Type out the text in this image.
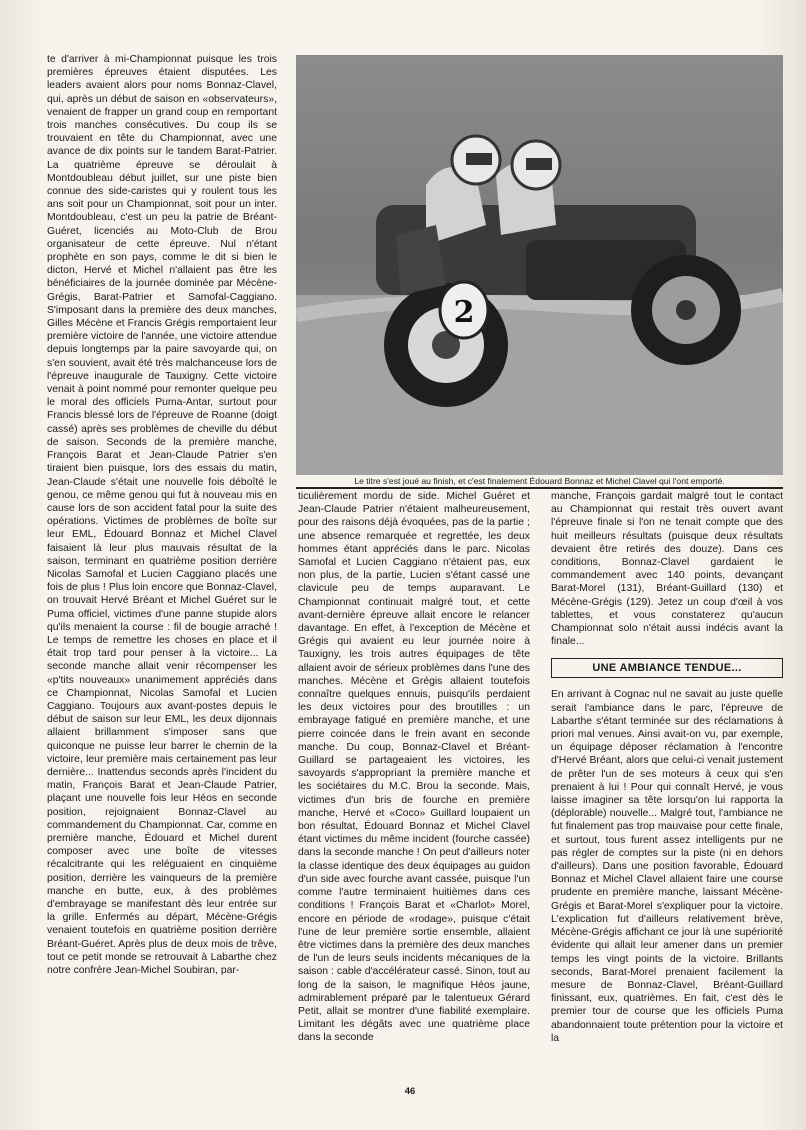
te d'arriver à mi-Championnat puisque les trois premières épreuves étaient disputées. Les leaders avaient alors pour noms Bonnaz-Clavel, qui, après un début de saison en «observateurs», venaient de frapper un grand coup en remportant trois manches consécutives. Du coup ils se trouvaient en tête du Championnat, avec une avance de dix points sur le tandem Barat-Patrier. La quatrième épreuve se déroulait à Montdoubleau début juillet, sur une piste bien connue des side-caristes qui y roulent tous les ans soit pour un Championnat, soit pour un inter. Montdoubleau, c'est un peu la patrie de Bréant-Guéret, licenciés au Moto-Club de Brou organisateur de cette épreuve. Nul n'étant prophète en son pays, comme le dit si bien le dicton, Hervé et Michel n'allaient pas être les bénéficiaires de la journée dominée par Mécène-Grégis, Barat-Patrier et Samofal-Caggiano. S'imposant dans la première des deux manches, Gilles Mécène et Francis Grégis remportaient leur première victoire de l'année, une victoire attendue depuis longtemps par la paire savoyarde qui, on s'en souvient, avait été très malchanceuse lors de l'épreuve inaugurale de Tauxigny. Cette victoire venait à point nommé pour remonter quelque peu le moral des officiels Puma-Antar, surtout pour Francis blessé lors de l'épreuve de Roanne (doigt cassé) après ses problèmes de cheville du début de saison. Seconds de la première manche, François Barat et Jean-Claude Patrier s'en tiraient bien puisque, lors des essais du matin, Jean-Claude s'était une nouvelle fois déboîté le genou, ce même genou qui fut à nouveau mis en cause lors de son accident fatal pour la suite des opérations. Victimes de problèmes de boîte sur leur EML, Édouard Bonnaz et Michel Clavel faisaient là leur plus mauvais résultat de la saison, terminant en quatrième position derrière Nicolas Samofal et Lucien Caggiano placés une fois de plus ! Plus loin encore que Bonnaz-Clavel, on trouvait Hervé Bréant et Michel Guéret sur le Puma officiel, victimes d'une panne stupide alors qu'ils menaient la course : fil de bougie arraché ! Le temps de remettre les choses en place et il était trop tard pour penser à la victoire... La seconde manche allait venir récompenser les «p'tits nouveaux» unanimement appréciés dans ce Championnat, Nicolas Samofal et Lucien Caggiano. Toujours aux avant-postes depuis le début de saison sur leur EML, les deux dijonnais allaient brillamment s'imposer sans que quiconque ne puisse leur barrer le chemin de la victoire, leur première mais certainement pas leur dernière... Inattendus seconds après l'incident du matin, François Barat et Jean-Claude Patrier, plaçant une nouvelle fois leur Héos en seconde position, rejoignaient Bonnaz-Clavel au commandement du Championnat. Car, comme en première manche, Édouard et Michel durent composer avec une boîte de vitesses récalcitrante qui les reléguaient en cinquième position, derrière les vainqueurs de la première manche en butte, eux, à des problèmes d'embrayage se manifestant dès leur entrée sur la grille. Enfermés au départ, Mécène-Grégis venaient toutefois en quatrième position derrière Bréant-Guéret. Après plus de deux mois de trêve, tout ce petit monde se retrouvait à Labarthe chez notre confrère Jean-Michel Soubiran, par-

2
Le titre s'est joué au finish, et c'est finalement Édouard Bonnaz et Michel Clavel qui l'ont emporté.

ticulièrement mordu de side. Michel Guéret et Jean-Claude Patrier n'étaient malheureusement, pour des raisons déjà évoquées, pas de la partie ; une absence remarquée et regrettée, les deux hommes étant appréciés dans le parc. Nicolas Samofal et Lucien Caggiano n'étaient pas, eux non plus, de la partie, Lucien s'étant cassé une clavicule peu de temps auparavant. Le Championnat continuait malgré tout, et cette avant-dernière épreuve allait encore le relancer davantage. En effet, à l'exception de Mécène et Grégis qui avaient eu leur journée noire à Tauxigny, les trois autres équipages de tête allaient avoir de sérieux problèmes dans l'une des manches. Mécène et Grégis allaient toutefois connaître quelques ennuis, puisqu'ils perdaient les deux victoires pour des broutilles : un embrayage fatigué en première manche, et une pierre coincée dans le frein avant en seconde manche. Du coup, Bonnaz-Clavel et Bréant-Guillard se partageaient les victoires, les savoyards s'appropriant la première manche et les sociétaires du M.C. Brou la seconde. Mais, victimes d'un bris de fourche en première manche, Hervé et «Coco» Guillard loupaient un bon résultat, Édouard Bonnaz et Michel Clavel étant victimes du même incident (fourche cassée) dans la seconde manche ! On peut d'ailleurs noter la classe identique des deux équipages au guidon d'un side avec fourche avant cassée, puisque l'un comme l'autre terminaient huitièmes dans ces conditions ! François Barat et «Charlot» Morel, encore en période de «rodage», puisque c'était l'une de leur première sortie ensemble, allaient être victimes dans la première des deux manches de l'un de leurs seuls incidents mécaniques de la saison : cable d'accélérateur cassé. Sinon, tout au long de la saison, le magnifique Héos jaune, admirablement préparé par le talentueux Gérard Petit, allait se montrer d'une fiabilité exemplaire. Limitant les dégâts avec une quatrième place dans la seconde

manche, François gardait malgré tout le contact au Championnat qui restait très ouvert avant l'épreuve finale si l'on ne tenait compte que des huit meilleurs résultats (puisque deux résultats devaient être retirés des douze). Dans ces conditions, Bonnaz-Clavel gardaient le commandement avec 140 points, devançant Barat-Morel (131), Bréant-Guillard (130) et Mécène-Grégis (129). Jetez un coup d'œil à vos tablettes, et vous constaterez qu'aucun Championnat solo n'était aussi indécis avant la finale...

UNE AMBIANCE TENDUE...

En arrivant à Cognac nul ne savait au juste quelle serait l'ambiance dans le parc, l'épreuve de Labarthe s'étant terminée sur des réclamations à priori mal venues. Ainsi avait-on vu, par exemple, un équipage déposer réclamation à l'encontre d'Hervé Bréant, alors que celui-ci venait justement de prêter l'un de ses moteurs à ceux qui s'en prenaient à lui ! Pour qui connaît Hervé, je vous laisse imaginer sa tête lorsqu'on lui rapporta la (déplorable) nouvelle... Malgré tout, l'ambiance ne fut finalement pas trop mauvaise pour cette finale, et surtout, tous furent assez intelligents pur ne pas régler de comptes sur la piste (ni en dehors d'ailleurs). Dans une position favorable, Édouard Bonnaz et Michel Clavel allaient faire une course prudente en première manche, laissant Mécène-Grégis et Barat-Morel s'expliquer pour la victoire. L'explication fut d'ailleurs relativement brève, Mécène-Grégis affichant ce jour là une supériorité évidente qui allait leur amener dans un premier temps les vingt points de la victoire. Brillants seconds, Barat-Morel prenaient facilement la mesure de Bonnaz-Clavel, Bréant-Guillard finissant, eux, quatrièmes. En fait, c'est dès le premier tour de course que les officiels Puma abandonnaient toute prétention pour la victoire et la

46
